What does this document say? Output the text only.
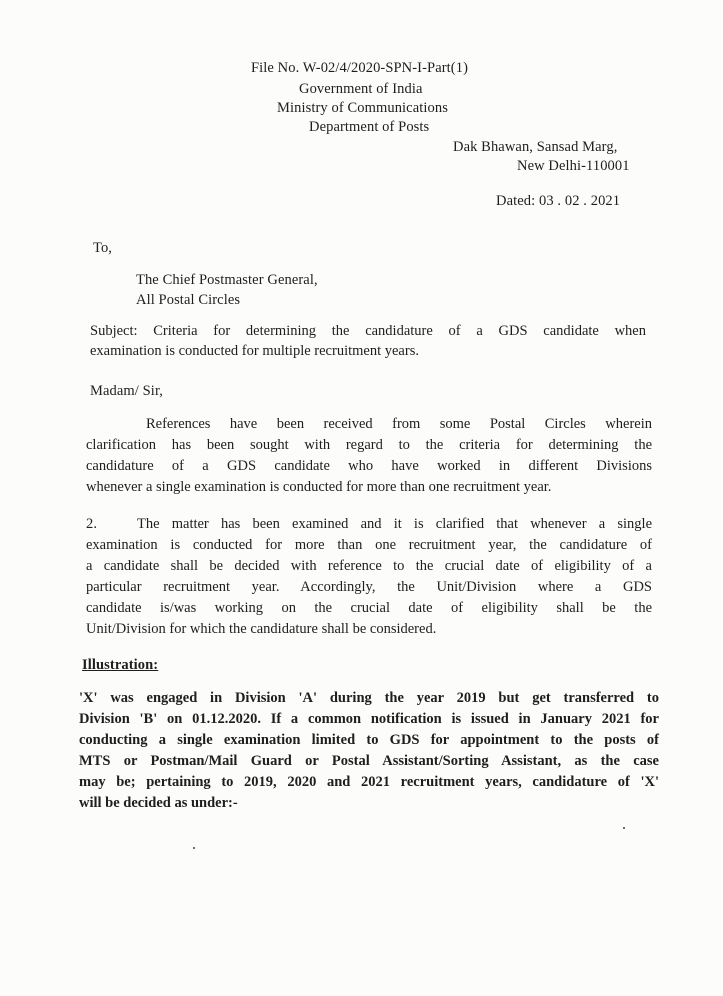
File No. W-02/4/2020-SPN-I-Part(1)
Government of India
Ministry of Communications
Department of Posts
Dak Bhawan, Sansad Marg,
New Delhi-110001
Dated: 03 . 02 . 2021
To,
The Chief Postmaster General,
All Postal Circles
Subject: Criteria for determining the candidature of a GDS candidate when
examination is conducted for multiple recruitment years.
Madam/ Sir,
References have been received from some Postal Circles wherein
clarification has been sought with regard to the criteria for determining the
candidature of a GDS candidate who have worked in different Divisions
whenever a single examination is conducted for more than one recruitment year.
2.	The matter has been examined and it is clarified that whenever a single
examination is conducted for more than one recruitment year, the candidature of
a candidate shall be decided with reference to the crucial date of eligibility of a
particular recruitment year. Accordingly, the Unit/Division where a GDS
candidate is/was working on the crucial date of eligibility shall be the
Unit/Division for which the candidature shall be considered.
Illustration:
'X' was engaged in Division 'A' during the year 2019 but get transferred to
Division 'B' on 01.12.2020. If a common notification is issued in January 2021 for
conducting a single examination limited to GDS for appointment to the posts of
MTS or Postman/Mail Guard or Postal Assistant/Sorting Assistant, as the case
may be; pertaining to 2019, 2020 and 2021 recruitment years, candidature of 'X'
will be decided as under:-
